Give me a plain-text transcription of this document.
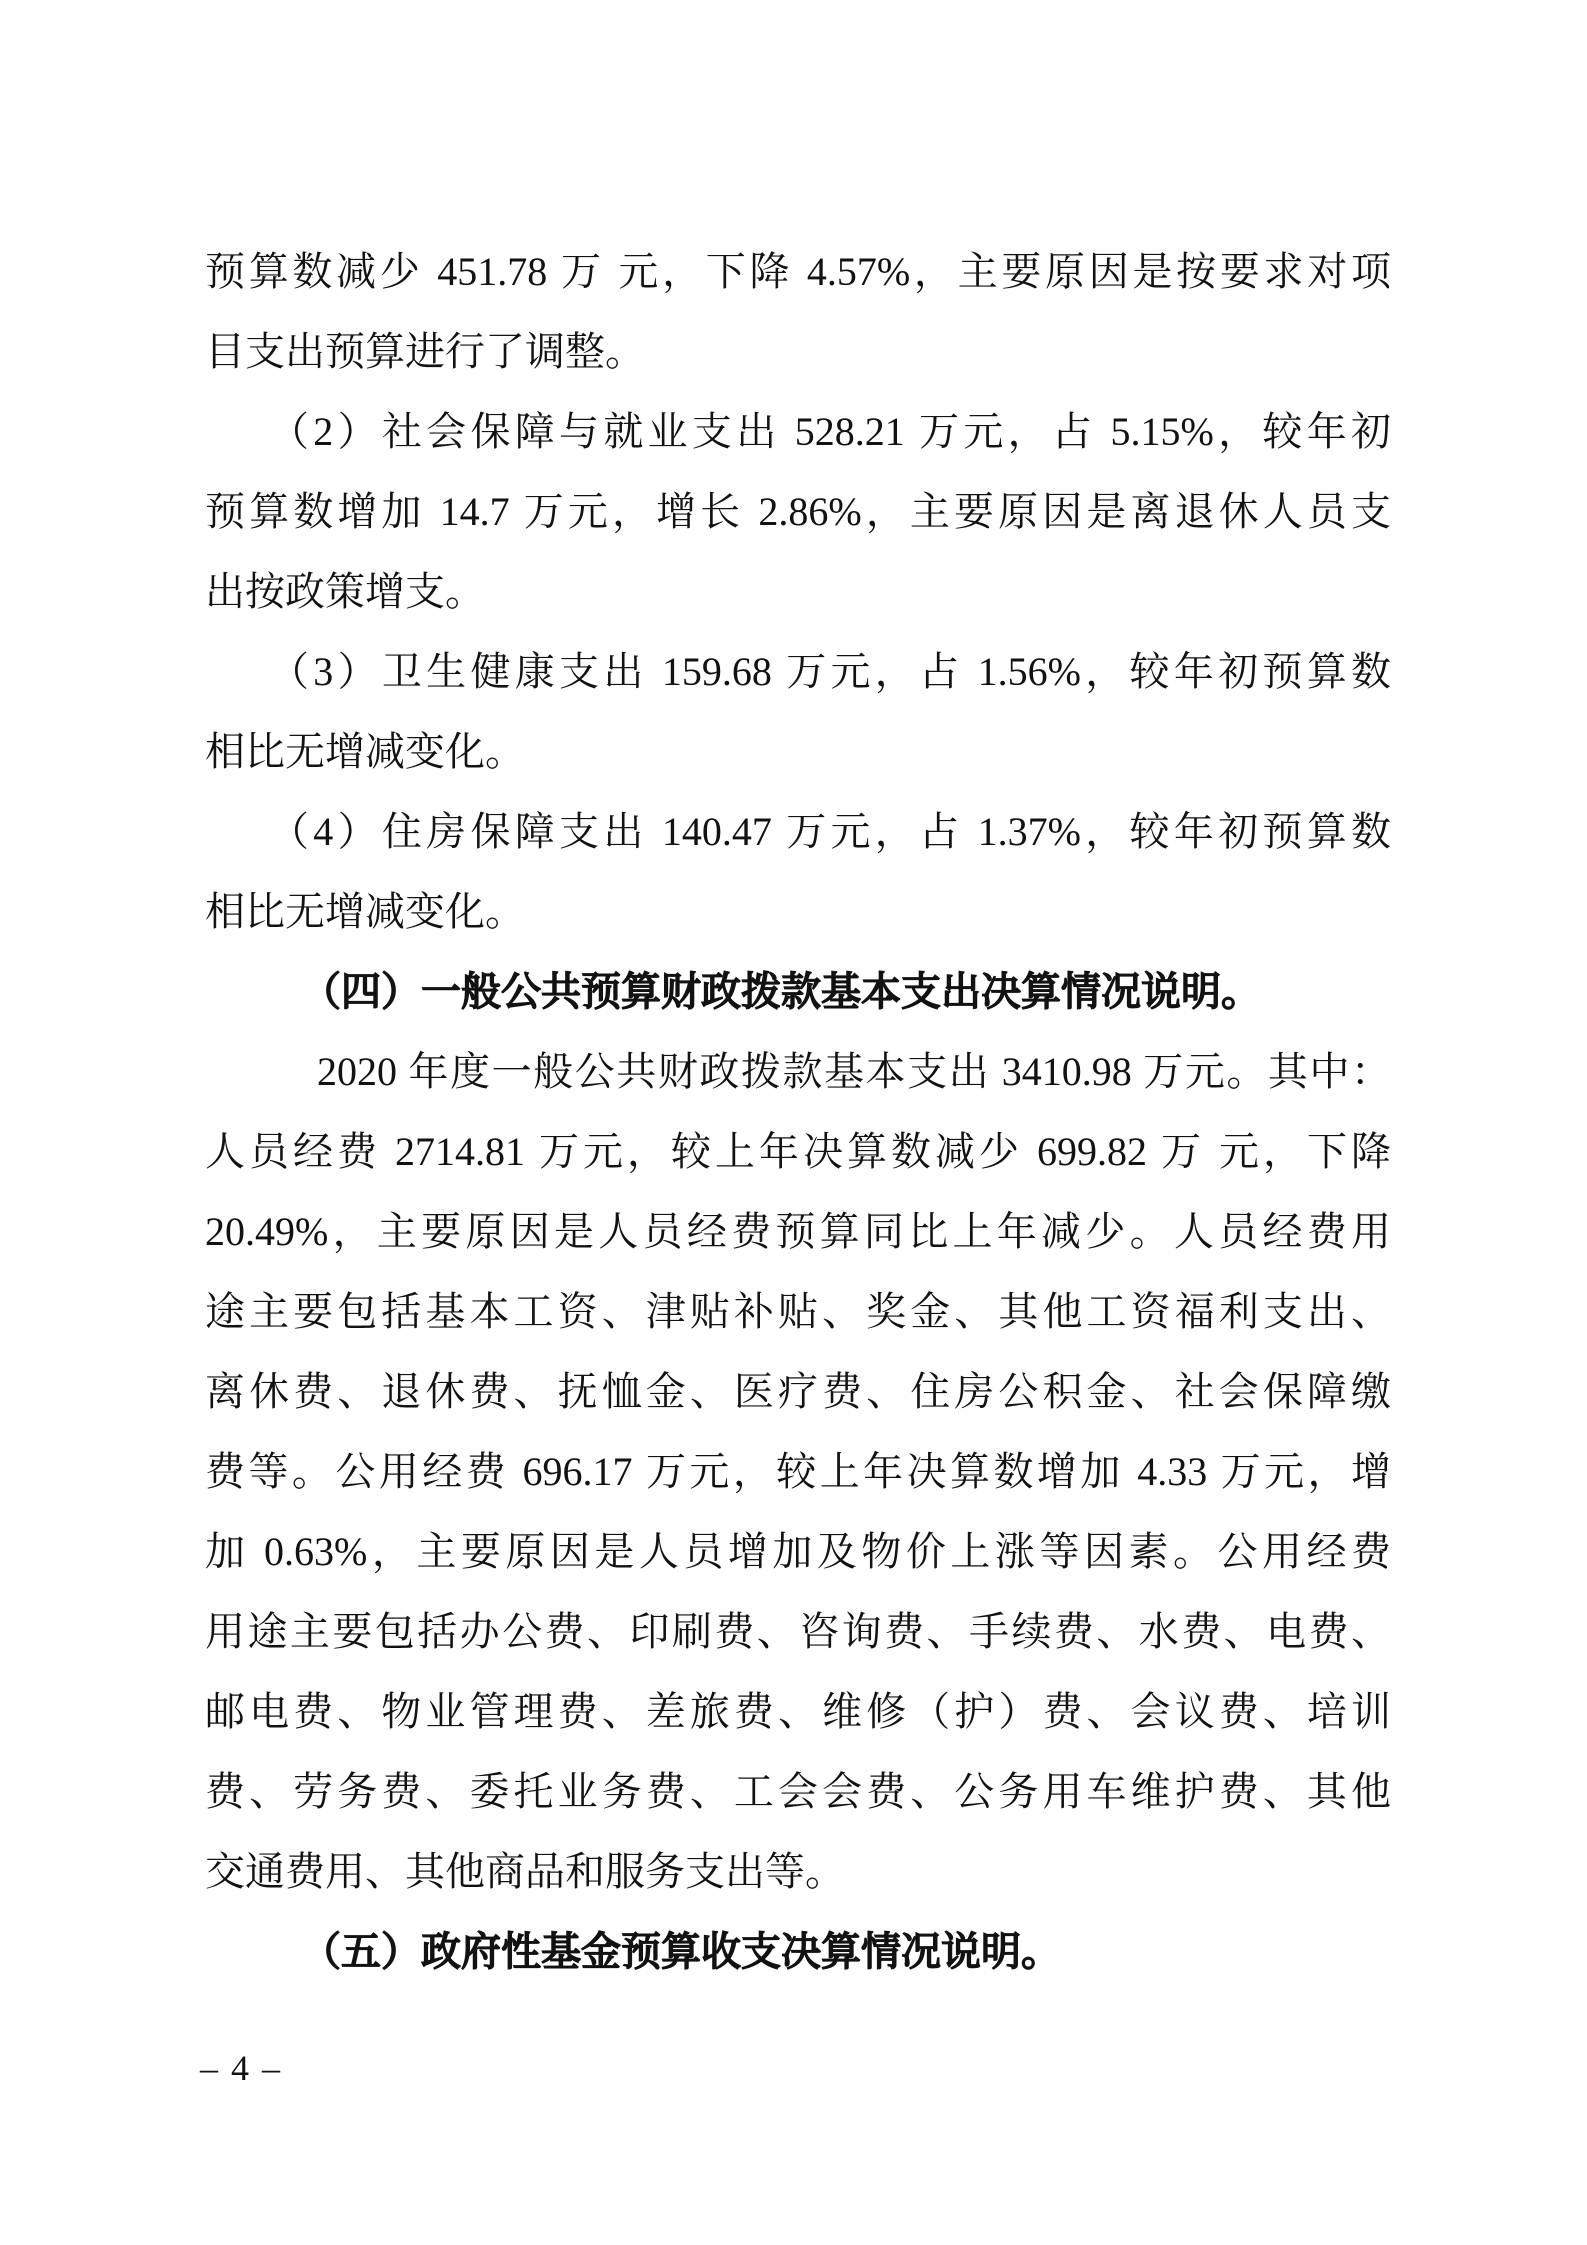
预算数减少 451.78 万 元，下降 4.57%，主要原因是按要求对项
目支出预算进行了调整。
（2）社会保障与就业支出 528.21 万元，占 5.15%，较年初
预算数增加 14.7 万元，增长 2.86%，主要原因是离退休人员支
出按政策增支。
（3）卫生健康支出 159.68 万元，占 1.56%，较年初预算数
相比无增减变化。
（4）住房保障支出 140.47 万元，占 1.37%，较年初预算数
相比无增减变化。
（四）一般公共预算财政拨款基本支出决算情况说明。
2020 年度一般公共财政拨款基本支出 3410.98 万元。其中：
人员经费 2714.81 万元，较上年决算数减少 699.82 万 元，下降
20.49%，主要原因是人员经费预算同比上年减少。人员经费用
途主要包括基本工资、津贴补贴、奖金、其他工资福利支出、
离休费、退休费、抚恤金、医疗费、住房公积金、社会保障缴
费等。公用经费 696.17 万元，较上年决算数增加 4.33 万元，增
加 0.63%，主要原因是人员增加及物价上涨等因素。公用经费
用途主要包括办公费、印刷费、咨询费、手续费、水费、电费、
邮电费、物业管理费、差旅费、维修（护）费、会议费、培训
费、劳务费、委托业务费、工会会费、公务用车维护费、其他
交通费用、其他商品和服务支出等。
（五）政府性基金预算收支决算情况说明。
– 4 –
